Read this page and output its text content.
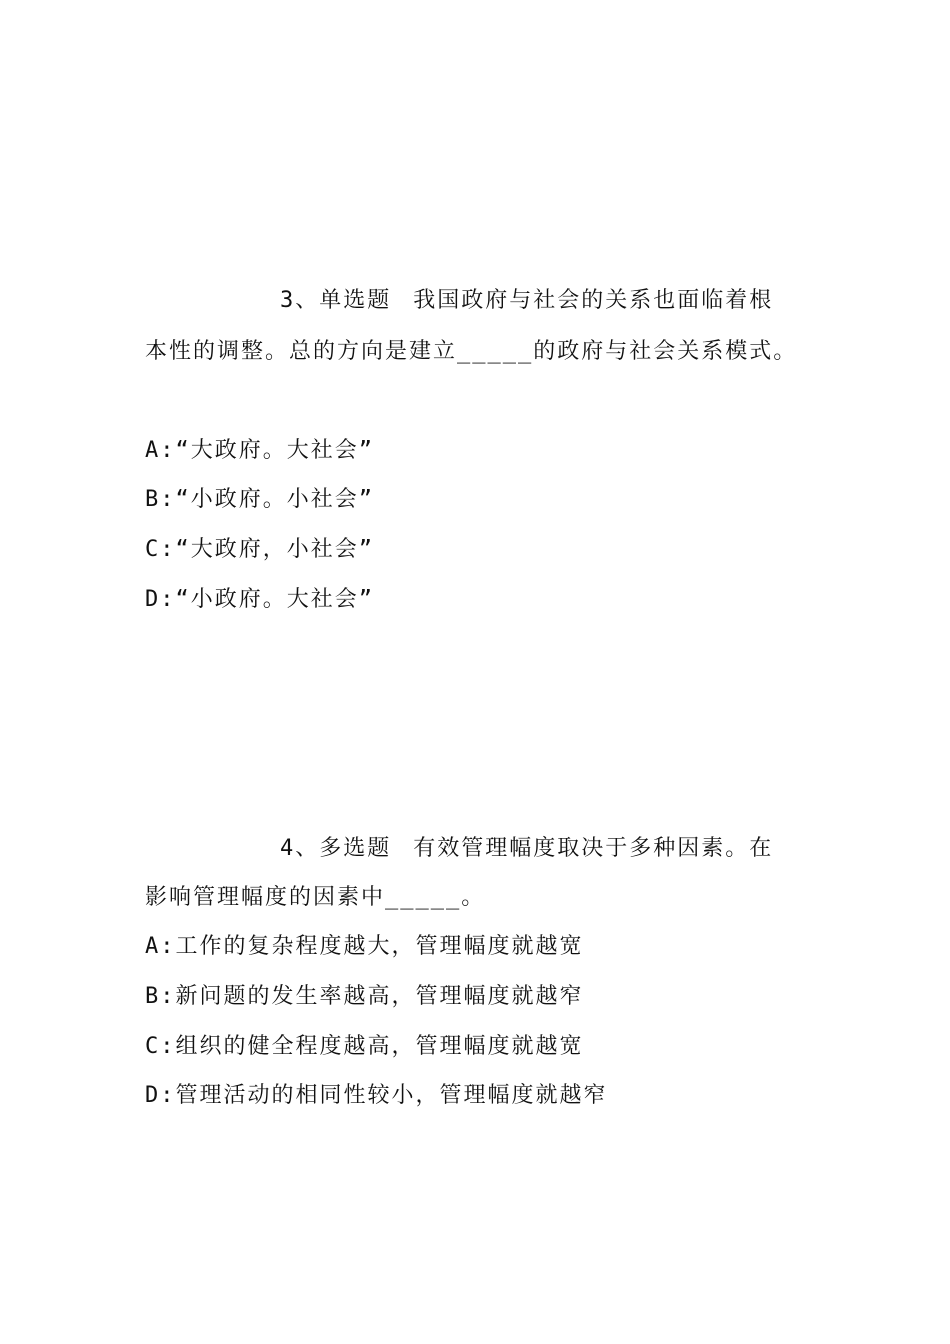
3、单选题 我国政府与社会的关系也面临着根
本性的调整。总的方向是建立_____的政府与社会关系模式。
A:“大政府。大社会”
B:“小政府。小社会”
C:“大政府，小社会”
D:“小政府。大社会”
4、多选题 有效管理幅度取决于多种因素。在
影响管理幅度的因素中_____。
A:工作的复杂程度越大，管理幅度就越宽
B:新问题的发生率越高，管理幅度就越窄
C:组织的健全程度越高，管理幅度就越宽
D:管理活动的相同性较小，管理幅度就越窄
